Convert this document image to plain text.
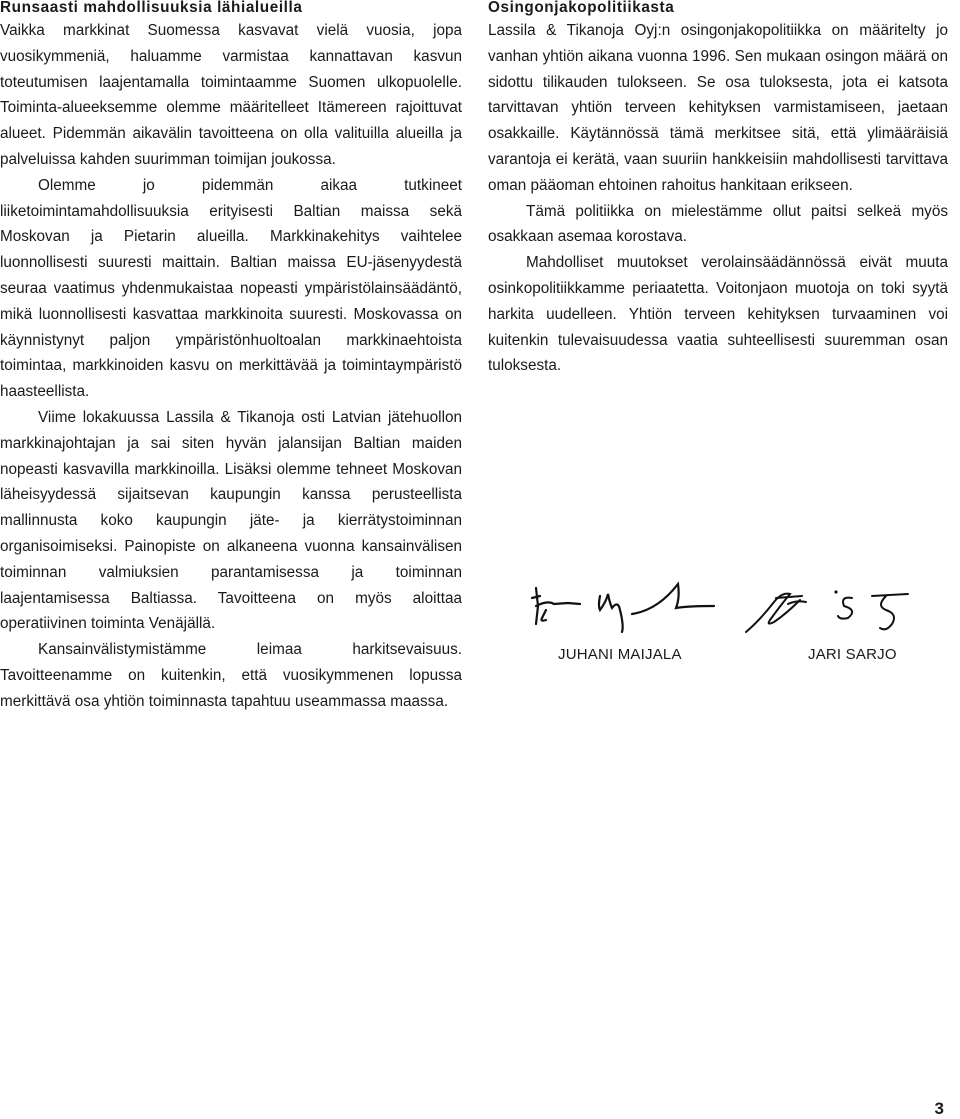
Runsaasti mahdollisuuksia lähialueilla

Vaikka markkinat Suomessa kasvavat vielä vuosia, jopa vuosikymmeniä, haluamme varmistaa kannattavan kasvun toteutumisen laajentamalla toimintaamme Suomen ulkopuolelle. Toiminta-alueeksemme olemme määritelleet Itämereen rajoittuvat alueet. Pidemmän aikavälin tavoitteena on olla valituilla alueilla ja palveluissa kahden suurimman toimijan joukossa.

Olemme jo pidemmän aikaa tutkineet liiketoimintamahdollisuuksia erityisesti Baltian maissa sekä Moskovan ja Pietarin alueilla. Markkinakehitys vaihtelee luonnollisesti suuresti maittain. Baltian maissa EU-jäsenyydestä seuraa vaatimus yhdenmukaistaa nopeasti ympäristölainsäädäntö, mikä luonnollisesti kasvattaa markkinoita suuresti. Moskovassa on käynnistynyt paljon ympäristönhuoltoalan markkinaehtoista toimintaa, markkinoiden kasvu on merkittävää ja toimintaympäristö haasteellista.

Viime lokakuussa Lassila & Tikanoja osti Latvian jätehuollon markkinajohtajan ja sai siten hyvän jalansijan Baltian maiden nopeasti kasvavilla markkinoilla. Lisäksi olemme tehneet Moskovan läheisyydessä sijaitsevan kaupungin kanssa perusteellista mallinnusta koko kaupungin jäte- ja kierrätystoiminnan organisoimiseksi. Painopiste on alkaneena vuonna kansainvälisen toiminnan valmiuksien parantamisessa ja toiminnan laajentamisessa Baltiassa. Tavoitteena on myös aloittaa operatiivinen toiminta Venäjällä.

Kansainvälistymistämme leimaa harkitsevaisuus. Tavoitteenamme on kuitenkin, että vuosikymmenen lopussa merkittävä osa yhtiön toiminnasta tapahtuu useammassa maassa.

Osingonjakopolitiikasta

Lassila & Tikanoja Oyj:n osingonjakopolitiikka on määritelty jo vanhan yhtiön aikana vuonna 1996. Sen mukaan osingon määrä on sidottu tilikauden tulokseen. Se osa tuloksesta, jota ei katsota tarvittavan yhtiön terveen kehityksen varmistamiseen, jaetaan osakkaille. Käytännössä tämä merkitsee sitä, että ylimääräisiä varantoja ei kerätä, vaan suuriin hankkeisiin mahdollisesti tarvittava oman pääoman ehtoinen rahoitus hankitaan erikseen.

Tämä politiikka on mielestämme ollut paitsi selkeä myös osakkaan asemaa korostava.

Mahdolliset muutokset verolainsäädännössä eivät muuta osinkopolitiikkamme periaatetta. Voitonjaon muotoja on toki syytä harkita uudelleen. Yhtiön terveen kehityksen turvaaminen voi kuitenkin tulevaisuudessa vaatia suhteellisesti suuremman osan tuloksesta.

JUHANI MAIJALA	JARI SARJO
3
